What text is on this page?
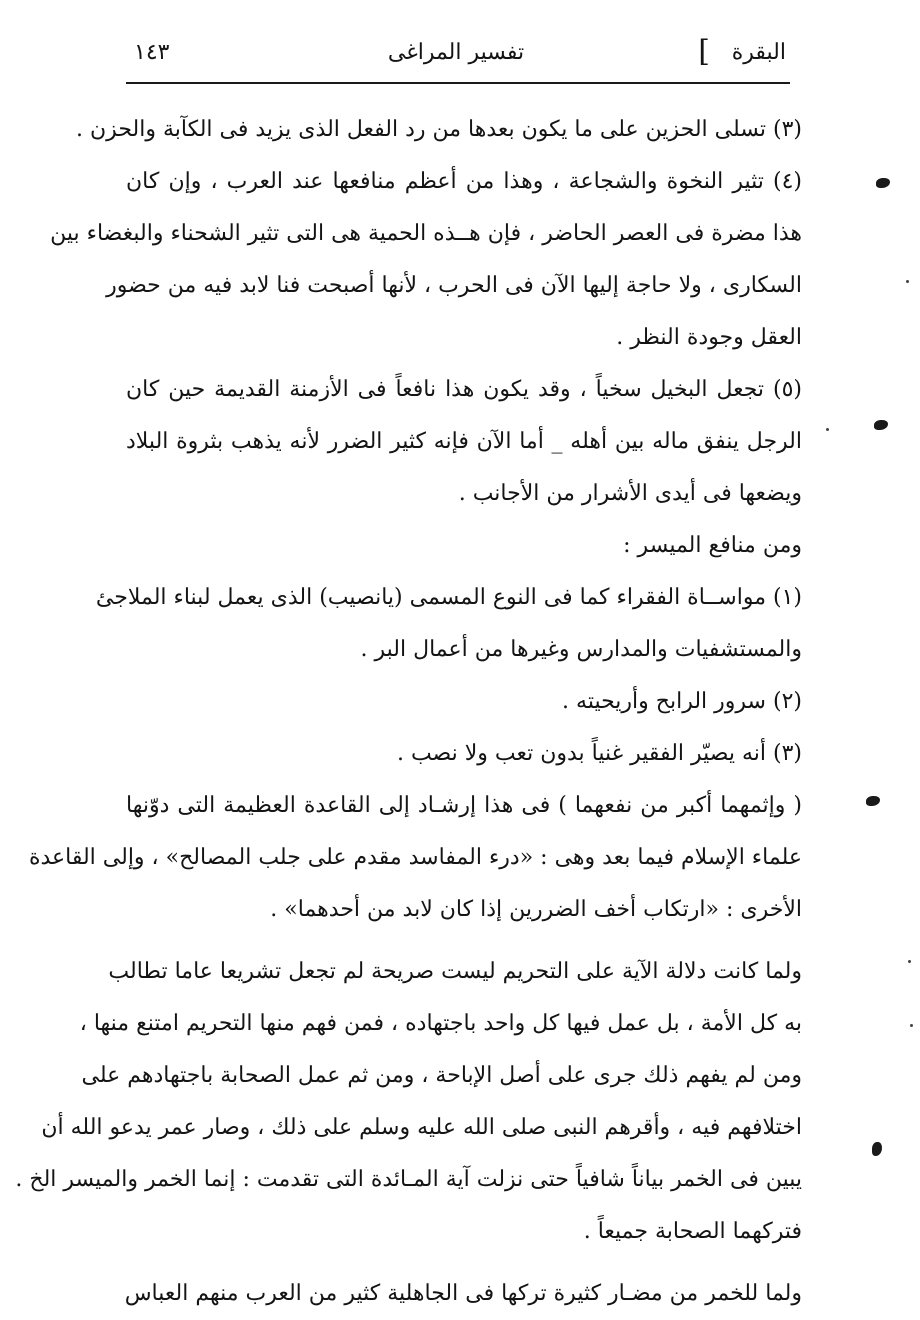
البقرة
]
تفسير المراغى
١٤٣
(٣) تسلى الحزين على ما يكون بعدها من رد الفعل الذى يزيد فى الكآبة والحزن .
(٤) تثير النخوة والشجاعة ، وهذا من أعظم منافعها عند العرب ، وإن كان
هذا مضرة فى العصر الحاضر ، فإن هــذه الحمية هى التى تثير الشحناء والبغضاء بين
السكارى ، ولا حاجة إليها الآن فى الحرب ، لأنها أصبحت فنا لابد فيه من حضور
العقل وجودة النظر .
(٥) تجعل البخيل سخياً ، وقد يكون هذا نافعاً فى الأزمنة القديمة حين كان
الرجل ينفق ماله بين أهله _ أما الآن فإنه كثير الضرر لأنه يذهب بثروة البلاد
ويضعها فى أيدى الأشرار من الأجانب .
ومن منافع الميسر :
(١) مواســاة الفقراء كما فى النوع المسمى (يانصيب) الذى يعمل لبناء الملاجئ
والمستشفيات والمدارس وغيرها من أعمال البر .
(٢) سرور الرابح وأريحيته .
(٣) أنه يصيّر الفقير غنياً بدون تعب ولا نصب .
( وإثمهما أكبر من نفعهما ) فى هذا إرشـاد إلى القاعدة العظيمة التى دوّنها
علماء الإسلام فيما بعد وهى : «درء المفاسد مقدم على جلب المصالح» ، وإلى القاعدة
الأخرى : «ارتكاب أخف الضررين إذا كان لابد من أحدهما» .
ولما كانت دلالة الآية على التحريم ليست صريحة لم تجعل تشريعا عاما تطالب
به كل الأمة ، بل عمل فيها كل واحد باجتهاده ، فمن فهم منها التحريم امتنع منها ،
ومن لم يفهم ذلك جرى على أصل الإباحة ، ومن ثم عمل الصحابة باجتهادهم على
اختلافهم فيه ، وأقرهم النبى صلى الله عليه وسلم على ذلك ، وصار عمر يدعو الله أن
يبين فى الخمر بياناً شافياً حتى نزلت آية المـائدة التى تقدمت : إنما الخمر والميسر الخ .
فتركهما الصحابة جميعاً .
ولما للخمر من مضـار كثيرة تركها فى الجاهلية كثير من العرب منهم العباس
